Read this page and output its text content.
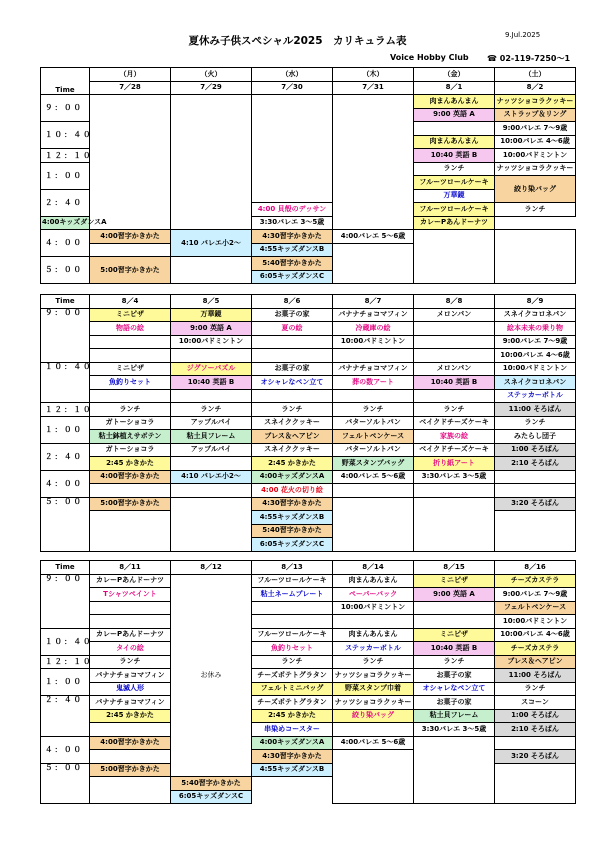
夏休み子供スペシャル2025　カリキュラム表	9.Jul.2025
Voice Hobby Club ☎ 02-119-7250～1
Time	（月）	（火）	（水）	（木）	（金）	（土）
	7／28	7／29	7／30	7／31	8／1	8／2
９：００					肉まんあんまん	ナッツショコラクッキー
					9:00 英語 A	ストラップ＆リング
１０：４０						9:00バレエ 7～9歳
					肉まんあんまん	10:00バレエ 4～6歳
１２：１０					10:40 英語 B	10:00バドミントン
１：００					ランチ	ナッツショコラクッキー
					フルーツロールケーキ	絞り染バッグ
２：４０					万華鏡	
			4:00 貝殻のデッサン		フルーツロールケーキ	ランチ
4:00キッズダンスA			3:30バレエ 3～5歳		カレーPあんドーナツ	
４：００	4:00習字かきかた	4:10 バレエ小2～	4:30習字かきかた	4:00バレエ 5～6歳		
			4:55キッズダンスB			
５：００	5:00習字かきかた		5:40習字かきかた			
			6:05キッズダンスC			
Time	8／4	8／5	8／6	8／7	8／8	8／9
９：００	ミニピザ	万華鏡	お菓子の家	バナナチョコマフィン	メロンパン	スネイクコロネパン
	物語の絵	9:00 英語 A	夏の絵	冷蔵庫の絵		絵本未来の乗り物
		10:00バドミントン		10:00バドミントン		9:00バレエ 7～9歳
						10:00バレエ 4～6歳
１０：４０	ミニピザ	ジグソーパズル	お菓子の家	バナナチョコマフィン	メロンパン	10:00バドミントン
	魚釣りセット	10:40 英語 B	オシャレなペン立て	葬の数アート	10:40 英語 B	スネイクコロネパン
						ステッカーボトル
１２：１０	ランチ	ランチ	ランチ	ランチ	ランチ	11:00 そろばん
１：００	ガトーショコラ	アップルパイ	スネイククッキー	バターソルトパン	ベイクドチーズケーキ	ランチ
	粘土鉢植えサボテン	粘土貝フレーム	ブレス＆ヘアピン	フェルトペンケース	家族の絵	みたらし団子
２：４０	ガトーショコラ	アップルパイ	スネイククッキー	バターソルトパン	ベイクドチーズケーキ	1:00 そろばん
	2:45 かきかた		2:45 かきかた	野菜スタンプバッグ	折り紙アート	2:10 そろばん
４：００	4:00習字かきかた	4:10 バレエ小2～	4:00キッズダンスA	4:00バレエ 5～6歳	3:30バレエ 3～5歳	
			4:00 花火の切り絵			
５：００	5:00習字かきかた		4:30習字かきかた			3:20 そろばん
			4:55キッズダンスB			
			5:40習字かきかた			
			6:05キッズダンスC			
Time	8／11	8／12	8／13	8／14	8／15	8／16
９：００	カレーPあんドーナツ	お休み	フルーツロールケーキ	肉まんあんまん	ミニピザ	チーズカステラ
	Tシャツペイント		粘土ネームプレート	ペーパーバック	9:00 英語 A	9:00バレエ 7～9歳
				10:00バドミントン		フェルトペンケース
						10:00バドミントン
１０：４０	カレーPあんドーナツ		フルーツロールケーキ	肉まんあんまん	ミニピザ	10:00バレエ 4～6歳
	タイの絵		魚釣りセット	ステッカーボトル	10:40 英語 B	チーズカステラ
１２：１０	ランチ		ランチ	ランチ	ランチ	ブレス＆ヘアピン
１：００	バナナチョコマフィン		チーズポテトグラタン	ナッツショコラクッキー	お菓子の家	11:00 そろばん
	鬼滅人形		フェルトミニバッグ	野菜スタンプ巾着	オシャレなペン立て	ランチ
２：４０	バナナチョコマフィン		チーズポテトグラタン	ナッツショコラクッキー	お菓子の家	スコーン
	2:45 かきかた		2:45 かきかた	絞り染バッグ	粘土貝フレーム	1:00 そろばん
			串染めコースター		3:30バレエ 3～5歳	2:10 そろばん
４：００	4:00習字かきかた		4:00キッズダンスA	4:00バレエ 5～6歳		
			4:30習字かきかた			3:20 そろばん
５：００	5:00習字かきかた		4:55キッズダンスB			
		5:40習字かきかた				
		6:05キッズダンスC				
